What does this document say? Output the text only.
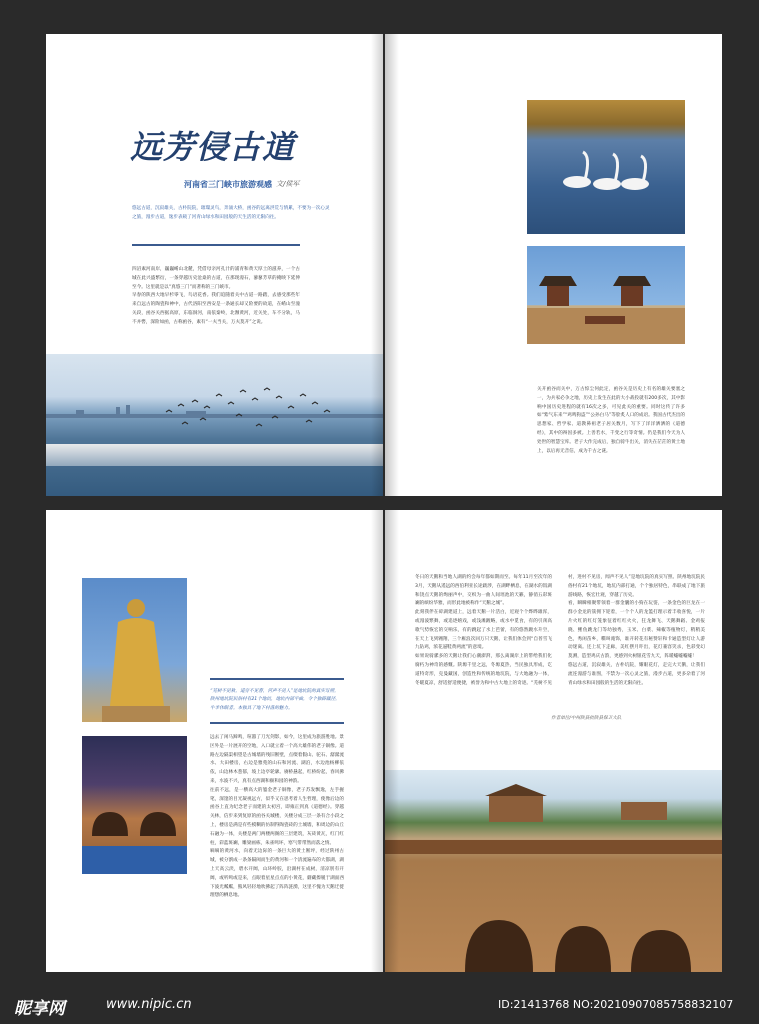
远芳侵古道
河南省三门峡市旅游观感 文/侯军
悠远古道，沉寂雄关，古朴院院，璀璨灵鸟，奔涌大桥，函谷的远离洪荒与情累，不要为一次心灵之旅，漫步古道，逸步表载了河青山绿水和田园般的天生活的无限向往。
四沼素河南岸，巍巍崤山北麓，凭借母亲河孔汁的浦青和黄天厚土的滋养，一个古城在此兴盛繁衍，一条穿越历史沧桑的古道，在那现漫石，蓼蓼芳草的掩映下延伸至今。这里就是以“真悠三门”而著称的三门峡市。
早春的陕西大地早杉零飞，鸟语花香。我们追随着关中古道一路踏，去感受那些年来自远古的陶瓷和神中，古代洛阳至西安是一条通长却又险要的故道，在崤山至潼关段，函谷关西据高原，东临洞河，南依秦岭，北濒黄河，近关处，车不分轨，马不并辔，深险如函，古称函谷，素有“一夫当关，万夫莫开”之说。
关开函谷而关中，万古惊尘何此定，函谷关是历史上有名的雄关要塞之一，为兵家必争之地，历史上发生在此的大小战役就有200多次，其中影响中国历史进程的就有16次之多，可见此关的重要。同时这传了许多如“紫气东来”“鸡鸣狗盗”“公孙白马”等脍炙人口的成语。我国古代杰出的思想家、哲学家、道教鼻祖老子居关数月，写下了洋洋洒洒的《道德经》，其中的辩因多被。上善若水，千变之行等奇情。仍是我们今天为人处世的智慧宝库。老子大作完成后，独自骑牛出关，消失在茫茫的黄土地上，以后再无音信，成为千古之谜。
“芜树不见秋，道旁不见春，河声不见人”是地坑院的真实写照，陕州地坑院民俗村有21个地坑，地坑内部平曲，令个独辟蹊径，牛羊休眠者。本独具了地下村落的魅力。
远去了闲马蹄鸣，喧嚣了刀光剑影，如今，这里成为旅游胜地。景区外是一片展开的空地，入口就立着一个高大雄伟的老子铜像。道路左边隔渠相望是古城墙的残旧断壁，点缀着假山、驼石、潺潺流水、大田楼房，右边是雅苑的山石和河流、湖泊，水边池杨柳依依，山边林木葱郁，坡上边亭轮廓。赓桥悬起，红桥纷起，春风拂来，水波不兴，真有点西湖和颐和园的神韵。
往前不远，是一横高大的鎏金老子铜像，老子苏发飘逸，左手握笔，深邃的目光凝视远方，似乎又在思考着人生哲理，使像后边的函谷上直为纪念老子而建的太初宫，即雍正到真《道德经》。穿越关林，信步来到复原的函谷关城楼，关楼分成三层一条有合小段之上，楼房是满是有些模糊的仿制得陶瓷砖的土城墙，和周边的山丘石融为一体，关楼是两门两楼两阁的三层建筑，灰砖黄瓦，红门红柱，彩蓝斑斓，雕梁画栋，朱雀鸣坏，寒气带带然而落之情。
嘀嘀的黄河水，向着无边际的一条巨大的黄土断坪，经过陕州古城，被分割成一条条隔阂而生的黄河和一个清流遍布的大都湖，湖上天高云淡，碧水开阔，山环岭胶，沿湖村在成树，清凉别有开阔，或听鸣或是来，点眼着星星点点的小黄花，蘑藏擦履于湖面西下波光粼粼，熊风轻轻地吹拂起了阵阵涟漪，这里不愧为天鹅迁徙理想的栖息地。
冬日的天鹅和当地人湖的约会每年都如期而至。每年11月至次年的3月，天鹅从遥远的西伯利亚长途跋涉，在湖畔栖息，在湖水的饭湖和饶点天鹅的绚丽声中，交织为一曲人间瑶池的天籁，静俏五彩斑斓的缤纷华雅，而形此地被称作“天鹅之城”。
此刻我伴在碎湖建道上，远着天鹅一片活白，近观个个烨晔雄浑，或漫波繁舞，或追逐嬉戏，或浅滩踱略，或水中觅食，有的引颈高歌气势恢宏的交响乐，有的跳起了水上芭蕾，有的悠然踱水升空，在天上飞到翱翔，三个雁浪次回万只天鹅，让我们体会到“自普雪飞九钻鸡，浓花逼鞋黄两流”的意境。
如果说骑骡多的天鹅让我们心潮澎湃，那么离湖岸上的带给我们化腐朽为神奇的感慨。陕塬千里之远，冬塬夏热，当民独具形成，讫道特奇形，克曼藏国，创造性和传统的地坑院，与大地融为一体，冬暖夏凉，舒适舒适便捷，被誉为和中古大地上的奇迹。“芜树不见村，进村不见房，闻声不见人”是地坑院的真实写照。陕州地坑院民俗村有21个地坑，地坑内部打通，个个独居特色，串联成了地下旅游线路，恢宏壮观，穿越了历史。
看，瞬瞬相聚带领着一群金囊的小狗在玩耍，一条金色的巨龙在一群小金龙的簇拥下迎着，一个个人的龙篮打理示着丰收喜悦，一片片火红的红灯笼象征着红红火火，狂龙舞飞、天鹅舞蹈、金鸡报晓、鲤鱼跳龙门等幼独秀，玉米、白菜、辣椒等植物灯，稍稍美色，秀闲苗乡，嘶叫淹饰，谁开转花有秘赞轩和卡通造型灯让人游动迷离。还上坑下走廊，美红摆月吓出，花灯兼容笑杀，色彩变幻莫测，造型鸡庆古韵，更感到火树银花雪九天，阵暖嘘嘘嘘嘘！
悠远古道，沉寂雄关，古朴坑院，耀眼花灯，走完大天鹅，让我们流连漫游与谁图，不禁为一次心灵之旅，漫步古道，更多杂着了河青山绿水和田园般的生活的无限向往。
作者单位/中州陕县抗陕县保卫大队
昵享网	www.nipic.cn	ID:21413768 NO:20210907085758832107
